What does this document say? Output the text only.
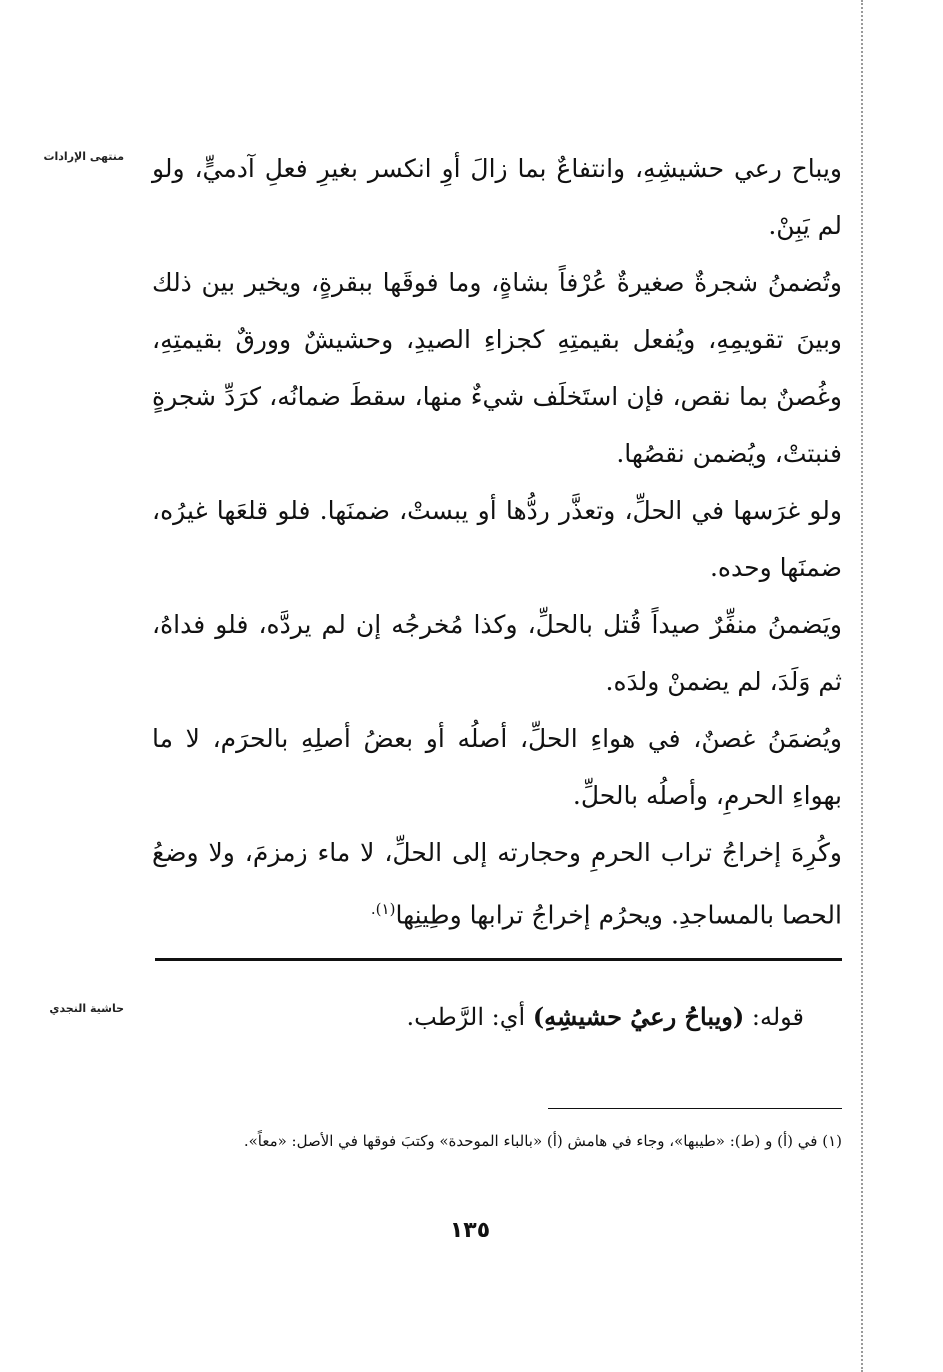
منتهى الإرادات ويباح رعي حشيشِهِ، وانتفاعٌ بما زالَ أوِ انكسر بغيرِ فعلِ آدميٍّ، ولو لم يَبِنْ.

وتُضمنُ شجرةٌ صغيرةٌ عُرْفاً بشاةٍ، وما فوقَها ببقرةٍ، ويخير بين ذلك وبينَ تقويمِهِ، ويُفعل بقيمتِهِ كجزاءِ الصيدِ، وحشيشٌ وورقٌ بقيمتِهِ، وغُصنٌ بما نقص، فإن استَخلَف شيءٌ منها، سقطَ ضمانُه، كرَدِّ شجرةٍ فنبتتْ، ويُضمن نقصُها.

ولو غرَسها في الحلِّ، وتعذَّر ردُّها أو يبستْ، ضمنَها. فلو قلعَها غيرُه، ضمنَها وحده.

ويَضمنُ منفِّرٌ صيداً قُتل بالحلِّ، وكذا مُخرجُه إن لم يردَّه، فلو فداهُ، ثم وَلَدَ، لم يضمنْ ولدَه.

ويُضمَنُ غصنٌ، في هواءِ الحلِّ، أصلُه أو بعضُ أصلِهِ بالحرَم، لا ما بهواءِ الحرمِ، وأصلُه بالحلِّ.

وكُرِهَ إخراجُ تراب الحرمِ وحجارته إلى الحلِّ، لا ماء زمزمَ، ولا وضعُ الحصا بالمساجدِ. ويحرُم إخراجُ ترابها وطِينِها$^{(١).}$

حاشية النجدي	قوله: (ويباحُ رعيُ حشيشِهِ) أي: الرَّطب.
(١) في (أ) و (ط): «طيبها»، وجاء في هامش (أ) «بالباء الموحدة» وكتبَ فوقها في الأصل: «معاً».
١٣٥
